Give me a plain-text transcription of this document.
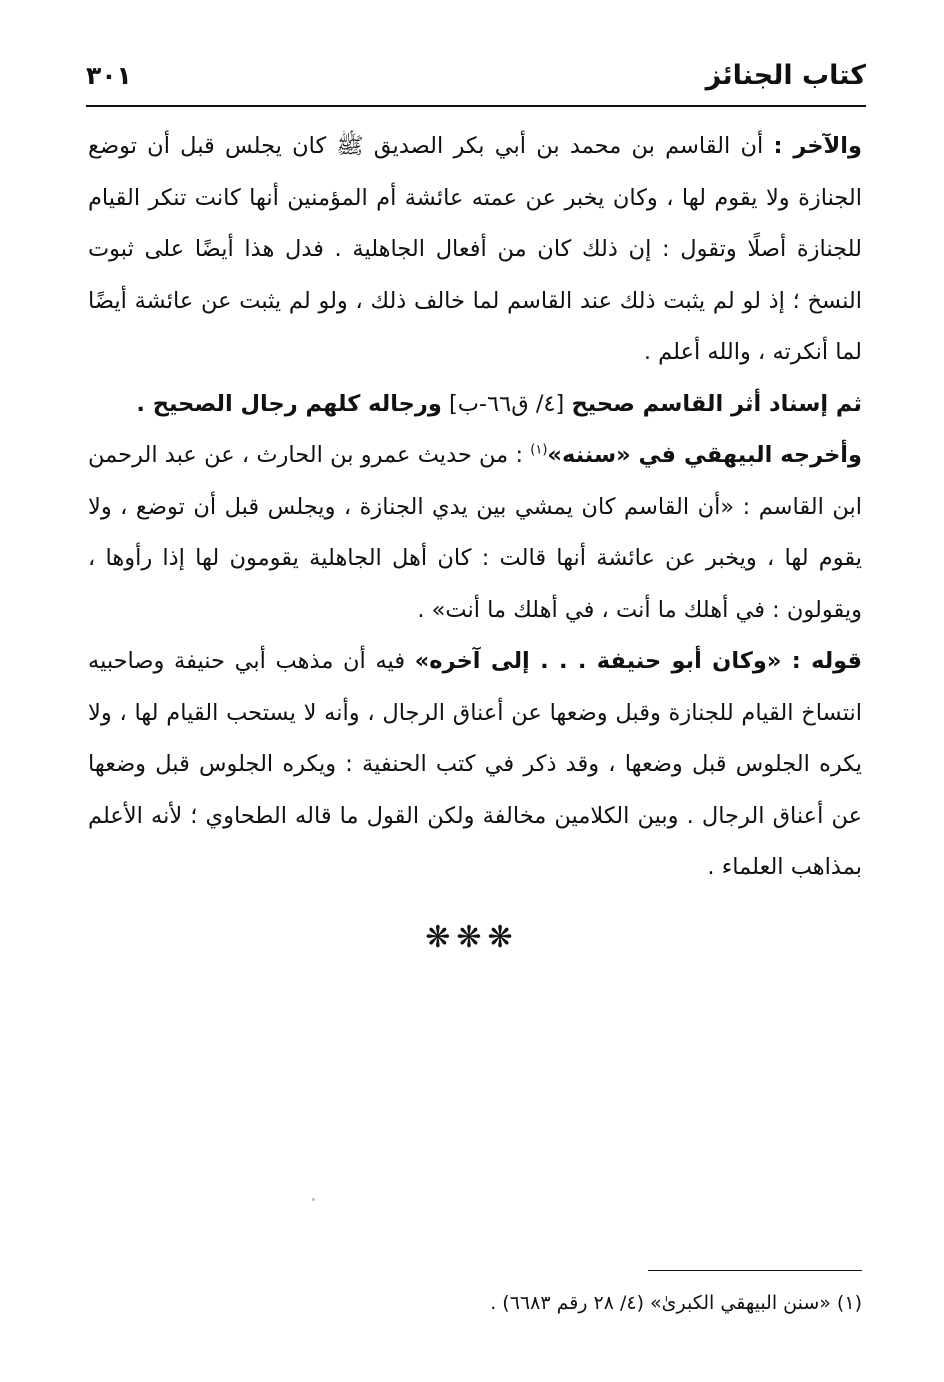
كتاب الجنائز
٣٠١

والآخر : أن القاسم بن محمد بن أبي بكر الصديق ﷺ كان يجلس قبل أن توضع الجنازة ولا يقوم لها ، وكان يخبر عن عمته عائشة أم المؤمنين أنها كانت تنكر القيام للجنازة أصلًا وتقول : إن ذلك كان من أفعال الجاهلية . فدل هذا أيضًا على ثبوت النسخ ؛ إذ لو لم يثبت ذلك عند القاسم لما خالف ذلك ، ولو لم يثبت عن عائشة أيضًا لما أنكرته ، والله أعلم .

ثم إسناد أثر القاسم صحيح [٤/ ق٦٦-ب] ورجاله كلهم رجال الصحيح .

وأخرجه البيهقي في «سننه»$^{(١)}$ : من حديث عمرو بن الحارث ، عن عبد الرحمن ابن القاسم : «أن القاسم كان يمشي بين يدي الجنازة ، ويجلس قبل أن توضع ، ولا يقوم لها ، ويخبر عن عائشة أنها قالت : كان أهل الجاهلية يقومون لها إذا رأوها ، ويقولون : في أهلك ما أنت ، في أهلك ما أنت» .

قوله : «وكان أبو حنيفة . . . إلى آخره» فيه أن مذهب أبي حنيفة وصاحبيه انتساخ القيام للجنازة وقبل وضعها عن أعناق الرجال ، وأنه لا يستحب القيام لها ، ولا يكره الجلوس قبل وضعها ، وقد ذكر في كتب الحنفية : ويكره الجلوس قبل وضعها عن أعناق الرجال . وبين الكلامين مخالفة ولكن القول ما قاله الطحاوي ؛ لأنه الأعلم بمذاهب العلماء .

❋❋❋
(١) «سنن البيهقي الكبرىٰ» (٤/ ٢٨ رقم ٦٦٨٣) .
